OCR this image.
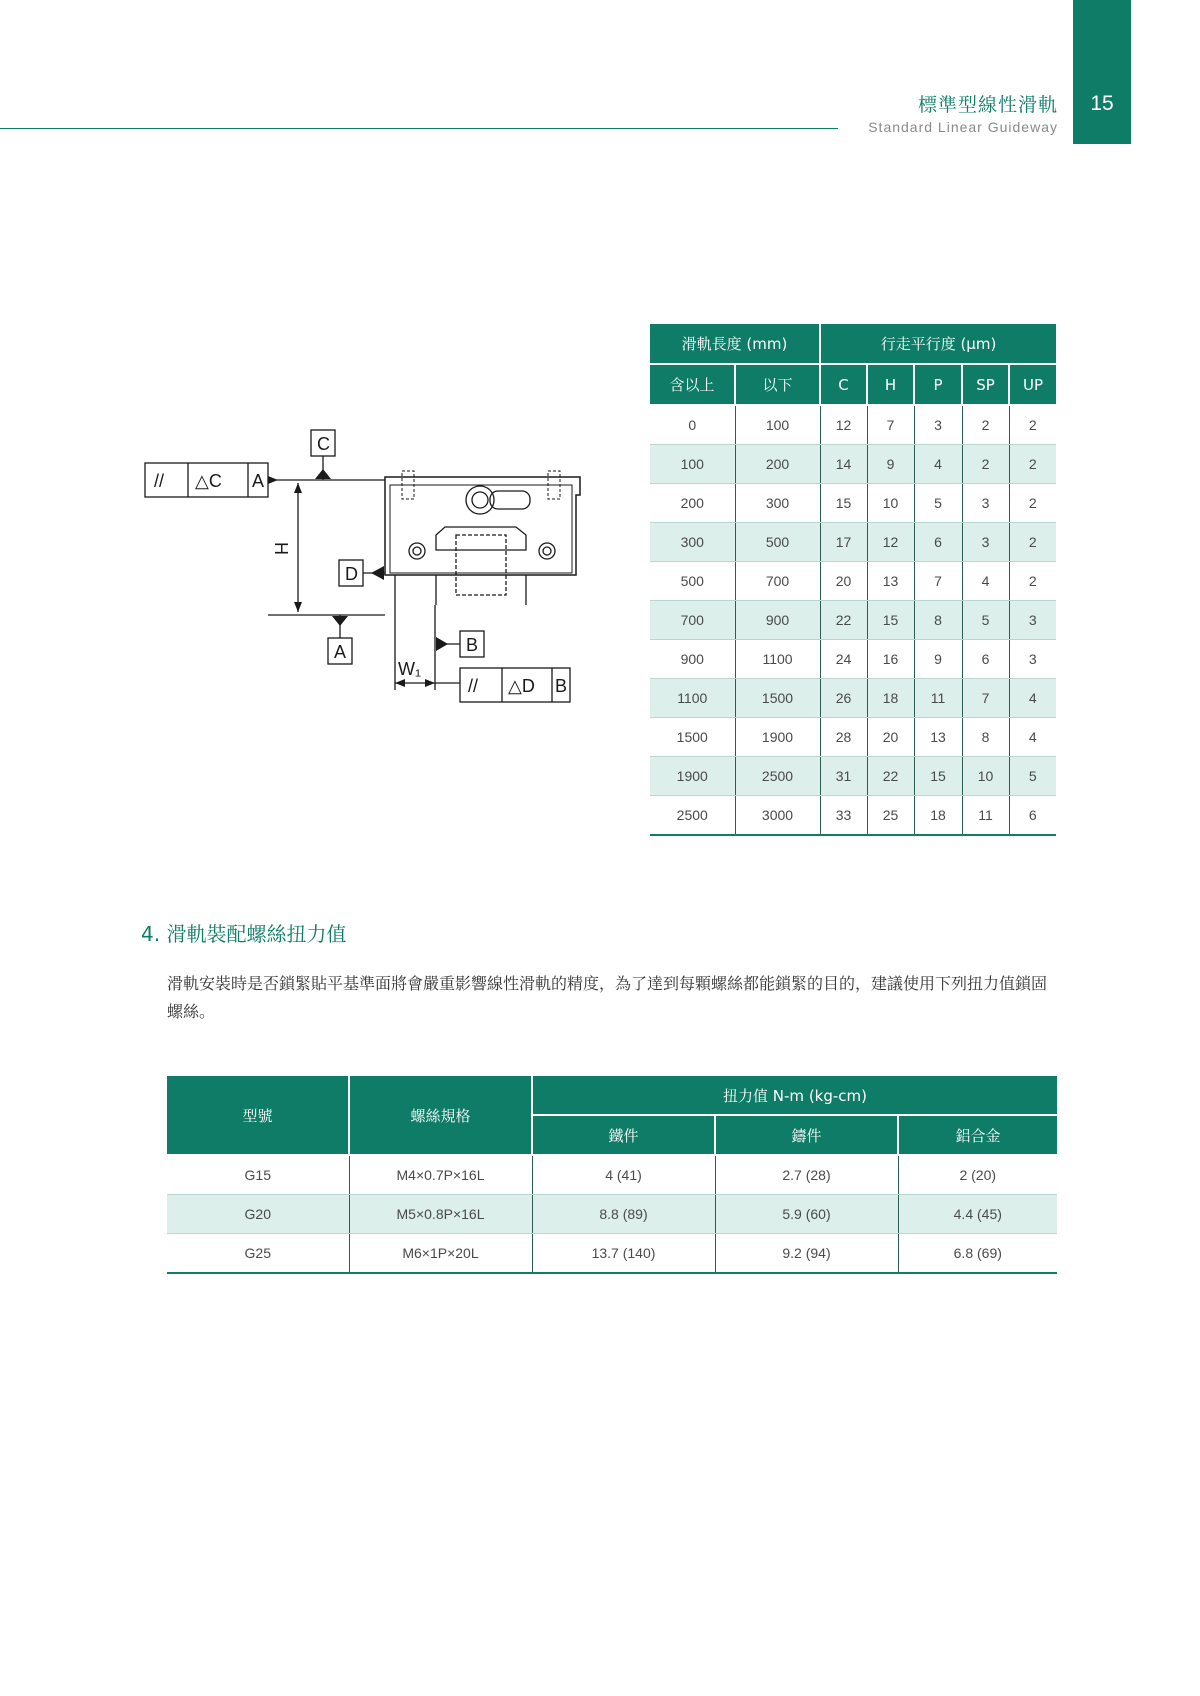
標準型線性滑軌
Standard Linear Guideway
15
// △C A
// △D B
C
D
A	B
H
W₁
滑軌長度 (mm)		行走平行度 (μm)				
含以上	以下	C	H	P	SP	UP
0	100	12	7	3	2	2
100	200	14	9	4	2	2
200	300	15	10	5	3	2
300	500	17	12	6	3	2
500	700	20	13	7	4	2
700	900	22	15	8	5	3
900	1100	24	16	9	6	3
1100	1500	26	18	11	7	4
1500	1900	28	20	13	8	4
1900	2500	31	22	15	10	5
2500	3000	33	25	18	11	6
4. 滑軌裝配螺絲扭力值
滑軌安裝時是否鎖緊貼平基準面將會嚴重影響線性滑軌的精度，為了達到每顆螺絲都能鎖緊的目的，建議使用下列扭力值鎖固螺絲。
型號	螺絲規格	扭力值 N-m (kg-cm)		
		鐵件	鑄件	鋁合金
G15	M4×0.7P×16L	4 (41)	2.7 (28)	2 (20)
G20	M5×0.8P×16L	8.8 (89)	5.9 (60)	4.4 (45)
G25	M6×1P×20L	13.7 (140)	9.2 (94)	6.8 (69)
